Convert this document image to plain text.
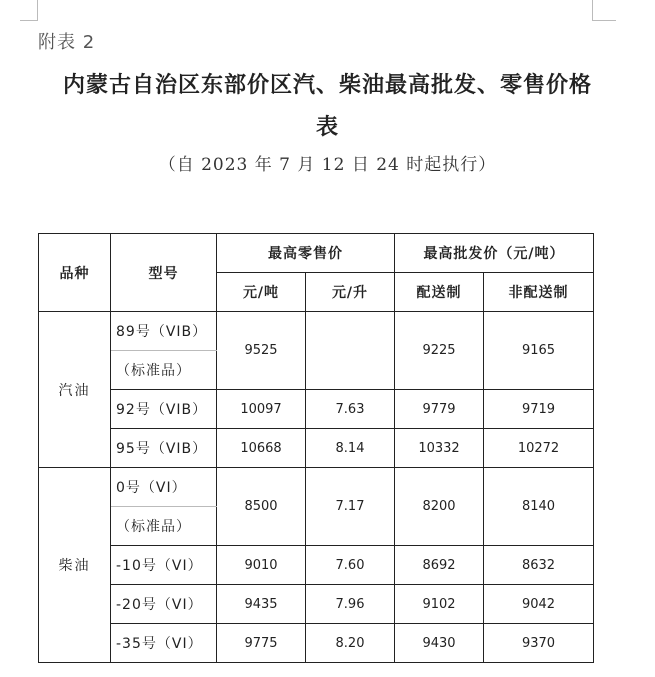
附表 2
内蒙古自治区东部价区汽、柴油最高批发、零售价格
表
（自 2023 年 7 月 12 日 24 时起执行）
品种	型号	最高零售价		最高批发价（元/吨）	
		元/吨	元/升	配送制	非配送制
汽油	89号（VIB）	9525		9225	9165
	（标准品）				
	92号（VIB）	10097	7.63	9779	9719
	95号（VIB）	10668	8.14	10332	10272
柴油	0号（VI）	8500	7.17	8200	8140
	（标准品）				
	-10号（VI）	9010	7.60	8692	8632
	-20号（VI）	9435	7.96	9102	9042
	-35号（VI）	9775	8.20	9430	9370
